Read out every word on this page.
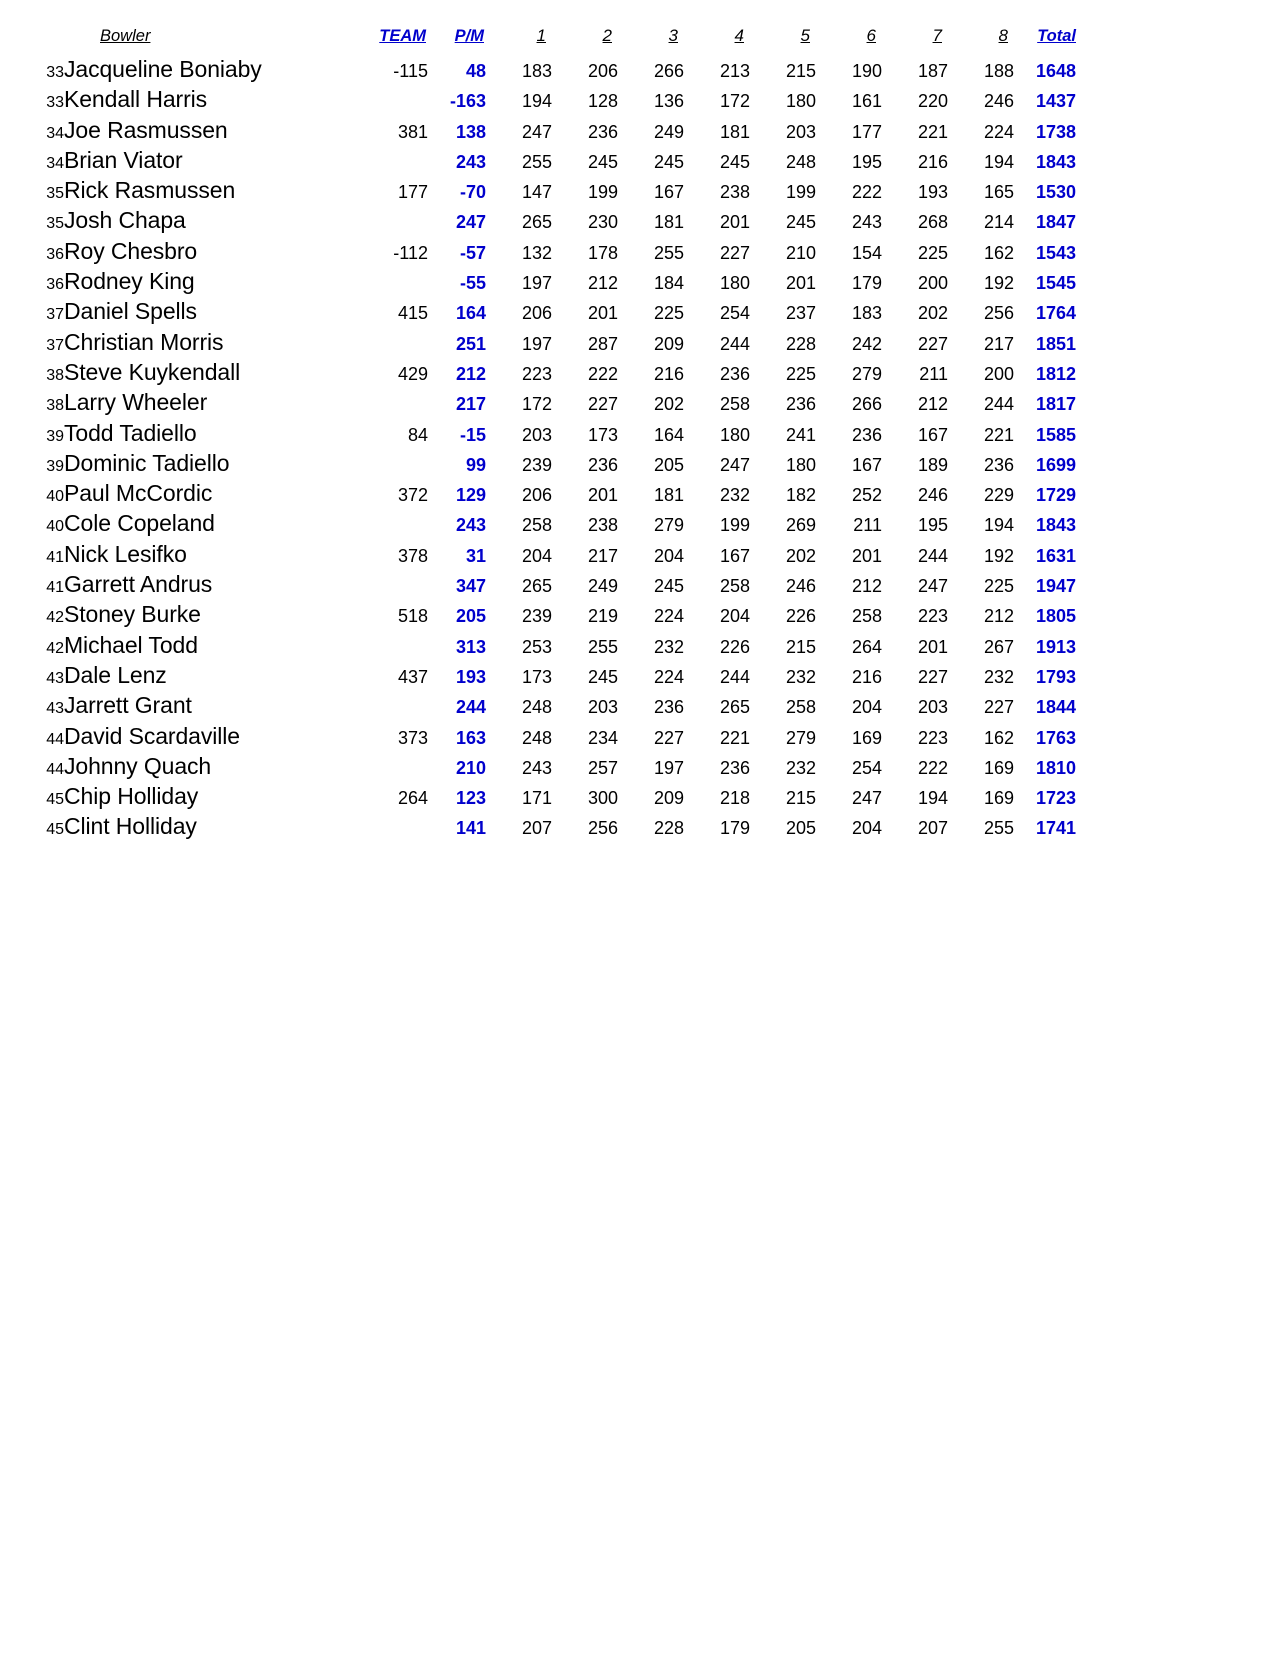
	Bowler	TEAM	P/M	1	2	3	4	5	6	7	8	Total
33	Jacqueline Boniaby	-115	48	183	206	266	213	215	190	187	188	1648
33	Kendall Harris		-163	194	128	136	172	180	161	220	246	1437
34	Joe Rasmussen	381	138	247	236	249	181	203	177	221	224	1738
34	Brian Viator		243	255	245	245	245	248	195	216	194	1843
35	Rick Rasmussen	177	-70	147	199	167	238	199	222	193	165	1530
35	Josh Chapa		247	265	230	181	201	245	243	268	214	1847
36	Roy Chesbro	-112	-57	132	178	255	227	210	154	225	162	1543
36	Rodney King		-55	197	212	184	180	201	179	200	192	1545
37	Daniel Spells	415	164	206	201	225	254	237	183	202	256	1764
37	Christian Morris		251	197	287	209	244	228	242	227	217	1851
38	Steve Kuykendall	429	212	223	222	216	236	225	279	211	200	1812
38	Larry Wheeler		217	172	227	202	258	236	266	212	244	1817
39	Todd Tadiello	84	-15	203	173	164	180	241	236	167	221	1585
39	Dominic Tadiello		99	239	236	205	247	180	167	189	236	1699
40	Paul McCordic	372	129	206	201	181	232	182	252	246	229	1729
40	Cole Copeland		243	258	238	279	199	269	211	195	194	1843
41	Nick Lesifko	378	31	204	217	204	167	202	201	244	192	1631
41	Garrett Andrus		347	265	249	245	258	246	212	247	225	1947
42	Stoney Burke	518	205	239	219	224	204	226	258	223	212	1805
42	Michael Todd		313	253	255	232	226	215	264	201	267	1913
43	Dale Lenz	437	193	173	245	224	244	232	216	227	232	1793
43	Jarrett Grant		244	248	203	236	265	258	204	203	227	1844
44	David Scardaville	373	163	248	234	227	221	279	169	223	162	1763
44	Johnny Quach		210	243	257	197	236	232	254	222	169	1810
45	Chip Holliday	264	123	171	300	209	218	215	247	194	169	1723
45	Clint Holliday		141	207	256	228	179	205	204	207	255	1741
